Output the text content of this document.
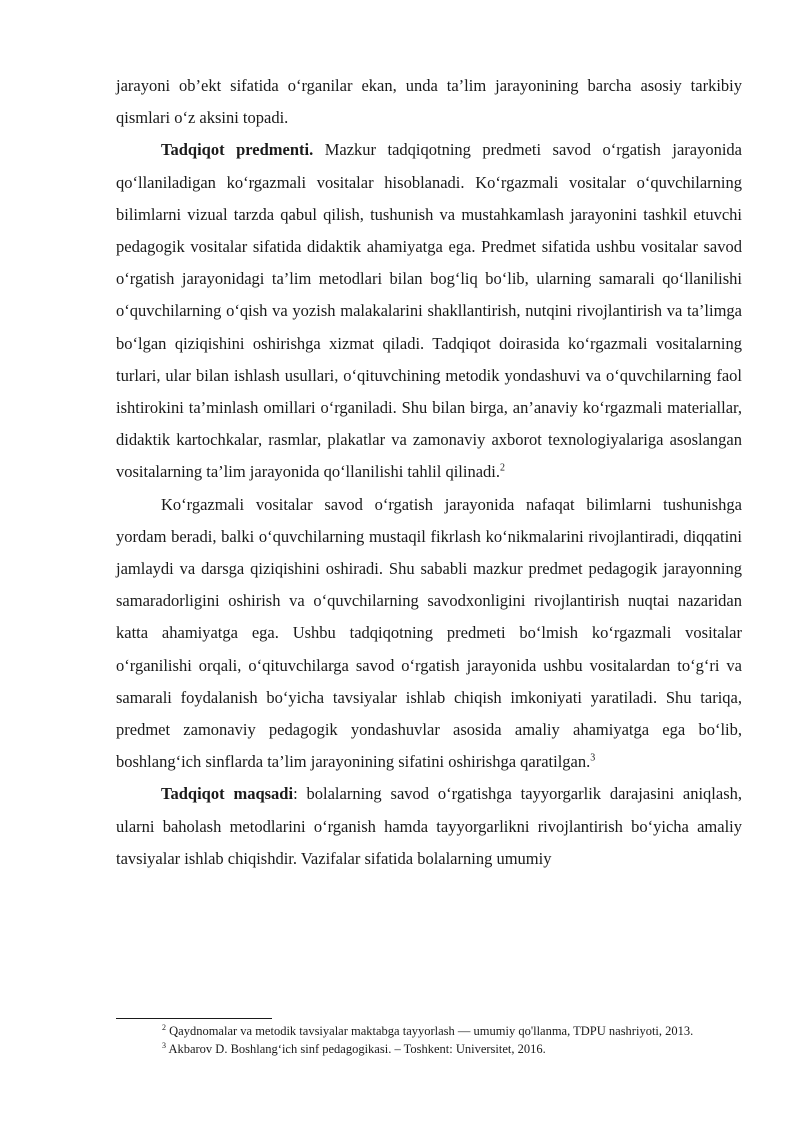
jarayoni ob’ekt sifatida o‘rganilar ekan, unda ta’lim jarayonining barcha asosiy tarkibiy qismlari o‘z aksini topadi.

Tadqiqot predmenti. Mazkur tadqiqotning predmeti savod o‘rgatish jarayonida qo‘llaniladigan ko‘rgazmali vositalar hisoblanadi. Ko‘rgazmali vositalar o‘quvchilarning bilimlarni vizual tarzda qabul qilish, tushunish va mustahkamlash jarayonini tashkil etuvchi pedagogik vositalar sifatida didaktik ahamiyatga ega. Predmet sifatida ushbu vositalar savod o‘rgatish jarayonidagi ta’lim metodlari bilan bog‘liq bo‘lib, ularning samarali qo‘llanilishi o‘quvchilarning o‘qish va yozish malakalarini shakllantirish, nutqini rivojlantirish va ta’limga bo‘lgan qiziqishini oshirishga xizmat qiladi. Tadqiqot doirasida ko‘rgazmali vositalarning turlari, ular bilan ishlash usullari, o‘qituvchining metodik yondashuvi va o‘quvchilarning faol ishtirokini ta’minlash omillari o‘rganiladi. Shu bilan birga, an’anaviy ko‘rgazmali materiallar, didaktik kartochkalar, rasmlar, plakatlar va zamonaviy axborot texnologiyalariga asoslangan vositalarning ta’lim jarayonida qo‘llanilishi tahlil qilinadi.$^2$

Ko‘rgazmali vositalar savod o‘rgatish jarayonida nafaqat bilimlarni tushunishga yordam beradi, balki o‘quvchilarning mustaqil fikrlash ko‘nikmalarini rivojlantiradi, diqqatini jamlaydi va darsga qiziqishini oshiradi. Shu sababli mazkur predmet pedagogik jarayonning samaradorligini oshirish va o‘quvchilarning savodxonligini rivojlantirish nuqtai nazaridan katta ahamiyatga ega. Ushbu tadqiqotning predmeti bo‘lmish ko‘rgazmali vositalar o‘rganilishi orqali, o‘qituvchilarga savod o‘rgatish jarayonida ushbu vositalardan to‘g‘ri va samarali foydalanish bo‘yicha tavsiyalar ishlab chiqish imkoniyati yaratiladi. Shu tariqa, predmet zamonaviy pedagogik yondashuvlar asosida amaliy ahamiyatga ega bo‘lib, boshlang‘ich sinflarda ta’lim jarayonining sifatini oshirishga qaratilgan.$^3$

Tadqiqot maqsadi: bolalarning savod o‘rgatishga tayyorgarlik darajasini aniqlash, ularni baholash metodlarini o‘rganish hamda tayyorgarlikni rivojlantirish bo‘yicha amaliy tavsiyalar ishlab chiqishdir. Vazifalar sifatida bolalarning umumiy

$^2$ Qaydnomalar va metodik tavsiyalar maktabga tayyorlash — umumiy qo'llanma, TDPU nashriyoti, 2013.

$^3$ Akbarov D. Boshlang‘ich sinf pedagogikasi. – Toshkent: Universitet, 2016.
